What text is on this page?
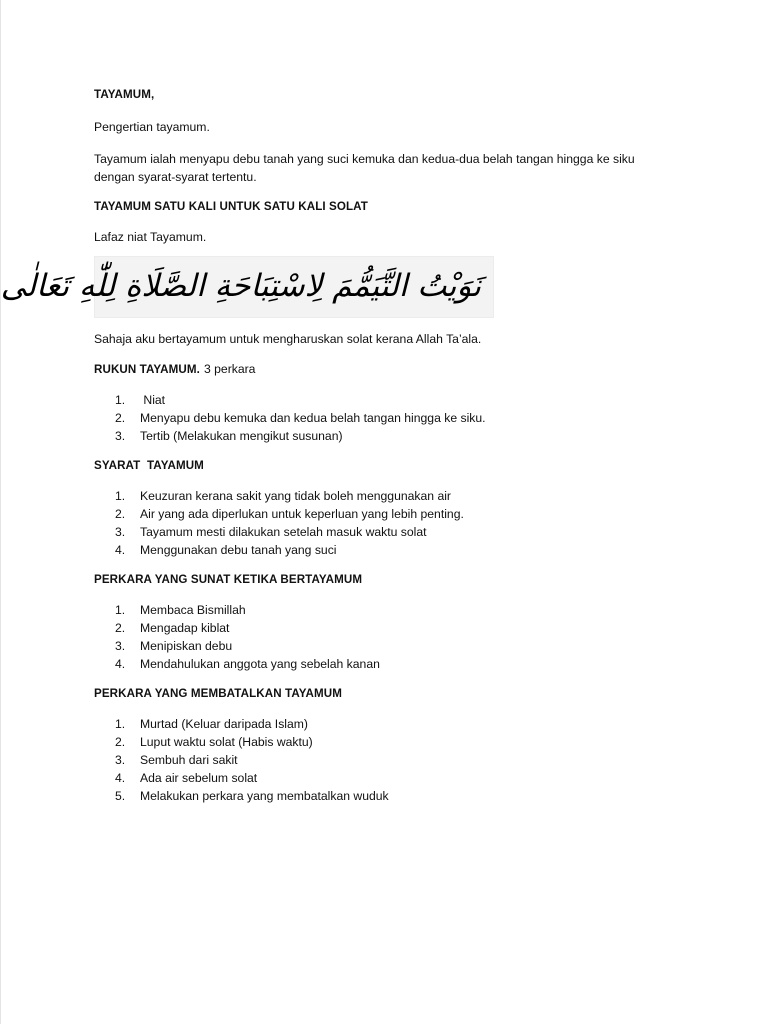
TAYAMUM,

Pengertian tayamum.

Tayamum ialah menyapu debu tanah yang suci kemuka dan kedua-dua belah tangan hingga ke siku
dengan syarat-syarat tertentu.

TAYAMUM SATU KALI UNTUK SATU KALI SOLAT

Lafaz niat Tayamum.

نَوَيْتُ التَّيَمُّمَ لِاسْتِبَاحَةِ الصَّلَاةِ لِلّٰهِ تَعَالٰى

Sahaja aku bertayamum untuk mengharuskan solat kerana Allah Ta’ala.

RUKUN TAYAMUM. 3 perkara

1. Niat
2. Menyapu debu kemuka dan kedua belah tangan hingga ke siku.
3. Tertib (Melakukan mengikut susunan)

SYARAT  TAYAMUM

1. Keuzuran kerana sakit yang tidak boleh menggunakan air
2. Air yang ada diperlukan untuk keperluan yang lebih penting.
3. Tayamum mesti dilakukan setelah masuk waktu solat
4. Menggunakan debu tanah yang suci

PERKARA YANG SUNAT KETIKA BERTAYAMUM

1. Membaca Bismillah
2. Mengadap kiblat
3. Menipiskan debu
4. Mendahulukan anggota yang sebelah kanan

PERKARA YANG MEMBATALKAN TAYAMUM

1. Murtad (Keluar daripada Islam)
2. Luput waktu solat (Habis waktu)
3. Sembuh dari sakit
4. Ada air sebelum solat
5. Melakukan perkara yang membatalkan wuduk
